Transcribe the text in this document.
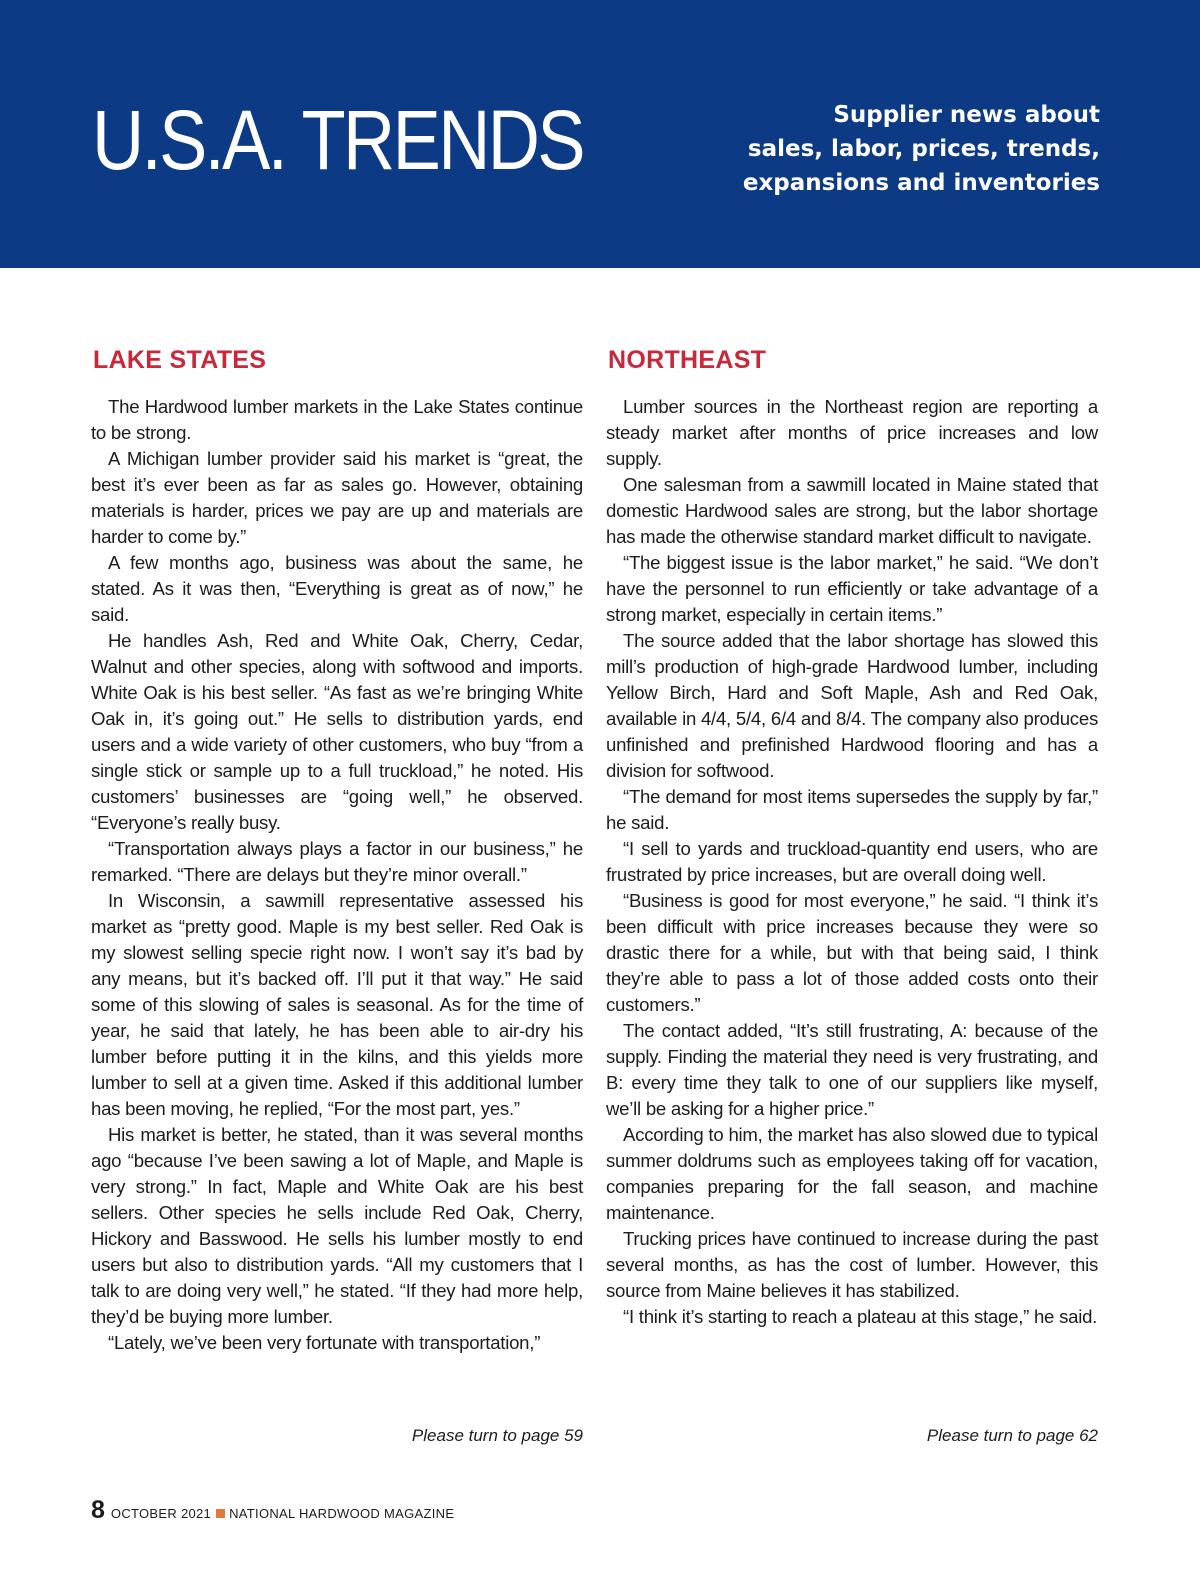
U.S.A. TRENDS	Supplier news about
sales, labor, prices, trends,
expansions and inventories
LAKE STATES

The Hardwood lumber markets in the Lake States continue to be strong.

A Michigan lumber provider said his market is “great, the best it’s ever been as far as sales go. However, obtaining materials is harder, prices we pay are up and materials are harder to come by.”

A few months ago, business was about the same, he stated. As it was then, “Everything is great as of now,” he said.

He handles Ash, Red and White Oak, Cherry, Cedar, Walnut and other species, along with softwood and imports. White Oak is his best seller. “As fast as we’re bringing White Oak in, it’s going out.” He sells to distribution yards, end users and a wide variety of other customers, who buy “from a single stick or sample up to a full truckload,” he noted. His customers’ businesses are “going well,” he observed. “Everyone’s really busy.

“Transportation always plays a factor in our business,” he remarked. “There are delays but they’re minor overall.”

In Wisconsin, a sawmill representative assessed his market as “pretty good. Maple is my best seller. Red Oak is my slowest selling specie right now. I won’t say it’s bad by any means, but it’s backed off. I’ll put it that way.” He said some of this slowing of sales is seasonal. As for the time of year, he said that lately, he has been able to air-dry his lumber before putting it in the kilns, and this yields more lumber to sell at a given time. Asked if this additional lumber has been moving, he replied, “For the most part, yes.”

His market is better, he stated, than it was several months ago “because I’ve been sawing a lot of Maple, and Maple is very strong.” In fact, Maple and White Oak are his best sellers. Other species he sells include Red Oak, Cherry, Hickory and Basswood. He sells his lumber mostly to end users but also to distribution yards. “All my customers that I talk to are doing very well,” he stated. “If they had more help, they’d be buying more lumber.

“Lately, we’ve been very fortunate with transportation,”

Please turn to page 59
NORTHEAST

Lumber sources in the Northeast region are reporting a steady market after months of price increases and low supply.

One salesman from a sawmill located in Maine stated that domestic Hardwood sales are strong, but the labor shortage has made the otherwise standard market difficult to navigate.

“The biggest issue is the labor market,” he said. “We don’t have the personnel to run efficiently or take advantage of a strong market, especially in certain items.”

The source added that the labor shortage has slowed this mill’s production of high-grade Hardwood lumber, including Yellow Birch, Hard and Soft Maple, Ash and Red Oak, available in 4/4, 5/4, 6/4 and 8/4. The company also produces unfinished and prefinished Hardwood flooring and has a division for softwood.

“The demand for most items supersedes the supply by far,” he said.

“I sell to yards and truckload-quantity end users, who are frustrated by price increases, but are overall doing well.

“Business is good for most everyone,” he said. “I think it’s been difficult with price increases because they were so drastic there for a while, but with that being said, I think they’re able to pass a lot of those added costs onto their customers.”

The contact added, “It’s still frustrating, A: because of the supply. Finding the material they need is very frustrating, and B: every time they talk to one of our suppliers like myself, we’ll be asking for a higher price.”

According to him, the market has also slowed due to typical summer doldrums such as employees taking off for vacation, companies preparing for the fall season, and machine maintenance.

Trucking prices have continued to increase during the past several months, as has the cost of lumber. However, this source from Maine believes it has stabilized.

“I think it’s starting to reach a plateau at this stage,” he said.

Please turn to page 62
8 OCTOBER 2021 NATIONAL HARDWOOD MAGAZINE
